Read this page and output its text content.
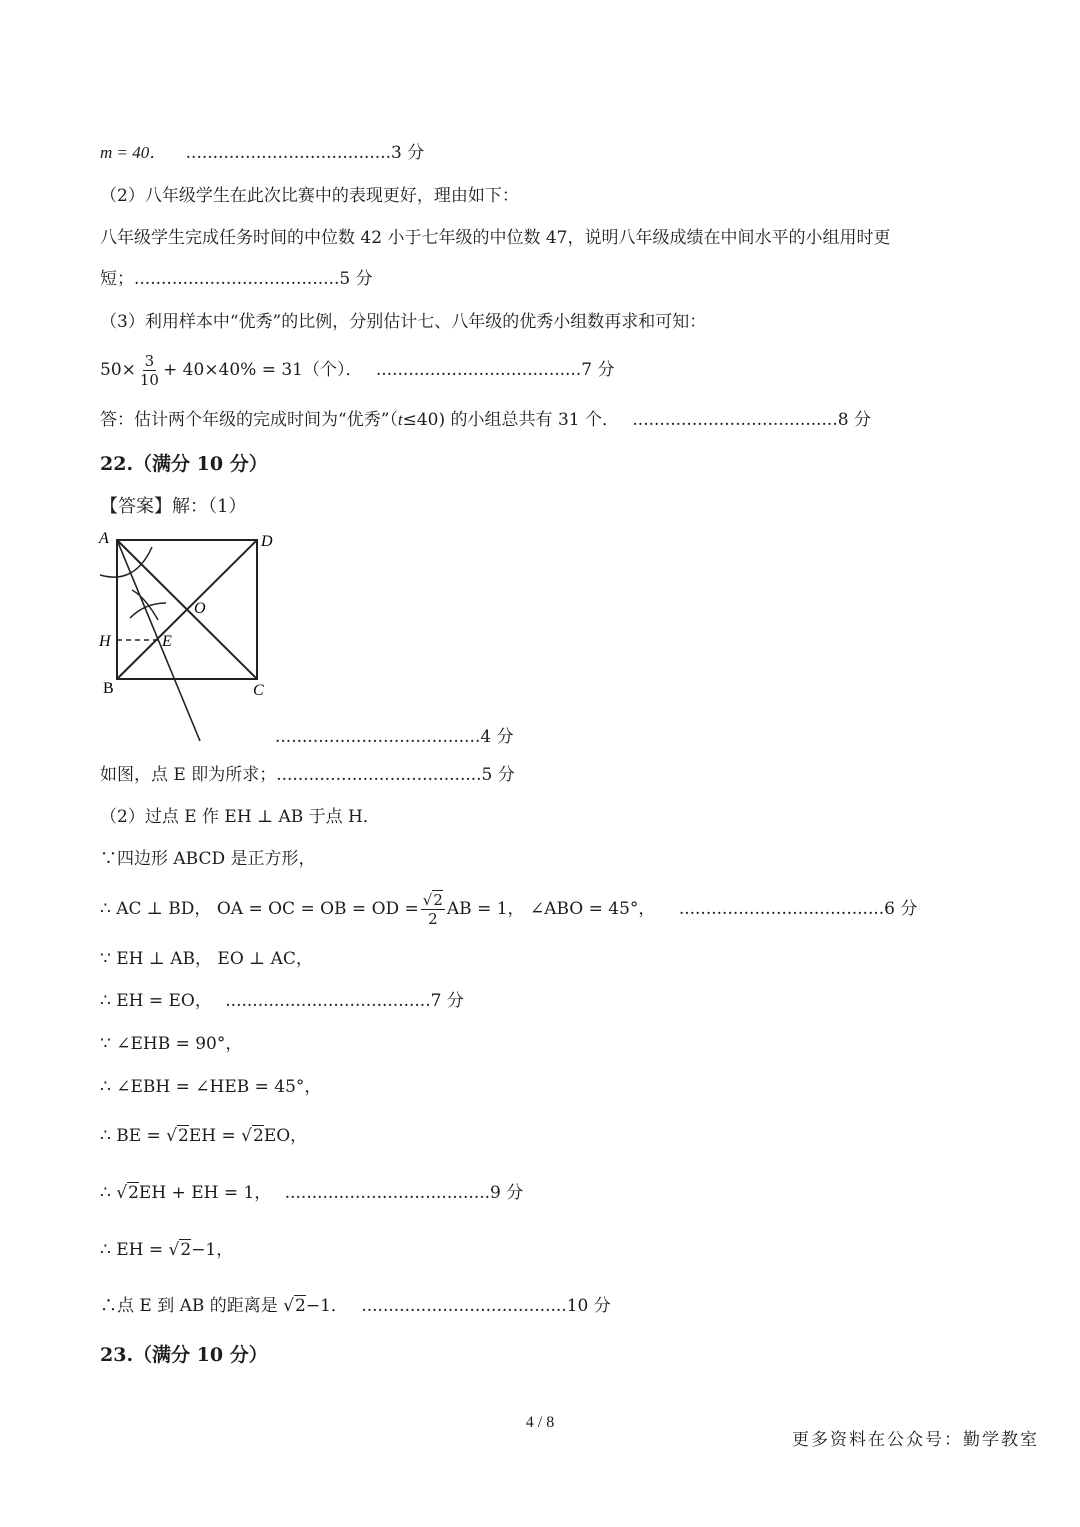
m = 40． ......................................3 分
（2）八年级学生在此次比赛中的表现更好，理由如下：
八年级学生完成任务时间的中位数 42 小于七年级的中位数 47，说明八年级成绩在中间水平的小组用时更
短；......................................5 分
（3）利用样本中“优秀”的比例，分别估计七、八年级的优秀小组数再求和可知：
$50\times \frac{3}{10} + 40\times 40\% = 31$（个）． ......................................7 分
答：估计两个年级的完成时间为“优秀”（t≤40) 的小组总共有 31 个． ......................................8 分
22.（满分 10 分）
【答案】解：（1）
A	D
O
H	E
B	C
......................................4 分
如图，点 E 即为所求；......................................5 分
（2）过点 E 作 EH ⊥ AB 于点 H．
∵四边形 ABCD 是正方形，
∴ AC ⊥ BD， OA = OC = OB = OD = $\frac{√2}{2}$ AB = 1， ∠ABO = 45°， ......................................6 分
∵ EH ⊥ AB， EO ⊥ AC，
∴ EH = EO， ......................................7 分
∵ ∠EHB = 90°，
∴ ∠EBH = ∠HEB = 45°，
∴ BE = √2EH = √2EO，
∴ √2EH + EH = 1， ......................................9 分
∴ EH = √2−1，
∴点 E 到 AB 的距离是 √2−1． ......................................10 分
23.（满分 10 分）
4 / 8
更多资料在公众号：勤学教室
